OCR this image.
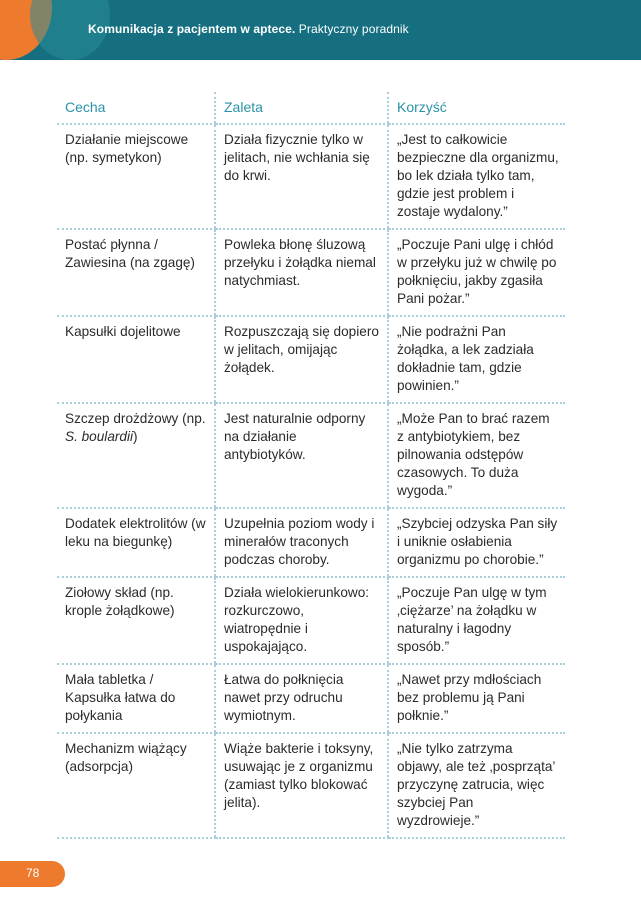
Komunikacja z pacjentem w aptece. Praktyczny poradnik
Cecha	Zaleta	Korzyść
Działanie miejscowe (np. symetykon)	Działa fizycznie tylko w jelitach, nie wchłania się do krwi.	„Jest to całkowicie bezpieczne dla organizmu, bo lek działa tylko tam, gdzie jest problem i zostaje wydalony.”
Postać płynna / Zawiesina (na zgagę)	Powleka błonę śluzową przełyku i żołądka niemal natychmiast.	„Poczuje Pani ulgę i chłód w przełyku już w chwilę po połknięciu, jakby zgasiła Pani pożar.”
Kapsułki dojelitowe	Rozpuszczają się dopiero w jelitach, omijając żołądek.	„Nie podrażni Pan żołądka, a lek zadziała dokładnie tam, gdzie powinien.”
Szczep drożdżowy (np. S. boulardii)	Jest naturalnie odporny na działanie antybiotyków.	„Może Pan to brać razem z antybiotykiem, bez pilnowania odstępów czasowych. To duża wygoda.”
Dodatek elektrolitów (w leku na biegunkę)	Uzupełnia poziom wody i minerałów traconych podczas choroby.	„Szybciej odzyska Pan siły i uniknie osłabienia organizmu po chorobie.”
Ziołowy skład (np. krople żołądkowe)	Działa wielokierunkowo: rozkurczowo, wiatropędnie i uspokajająco.	„Poczuje Pan ulgę w tym ‚ciężarze’ na żołądku w naturalny i łagodny sposób.”
Mała tabletka / Kapsułka łatwa do połykania	Łatwa do połknięcia nawet przy odruchu wymiotnym.	„Nawet przy mdłościach bez problemu ją Pani połknie.”
Mechanizm wiążący (adsorpcja)	Wiąże bakterie i toksyny, usuwając je z organizmu (zamiast tylko blokować jelita).	„Nie tylko zatrzyma objawy, ale też ‚posprząta’ przyczynę zatrucia, więc szybciej Pan wyzdrowieje.”
78
